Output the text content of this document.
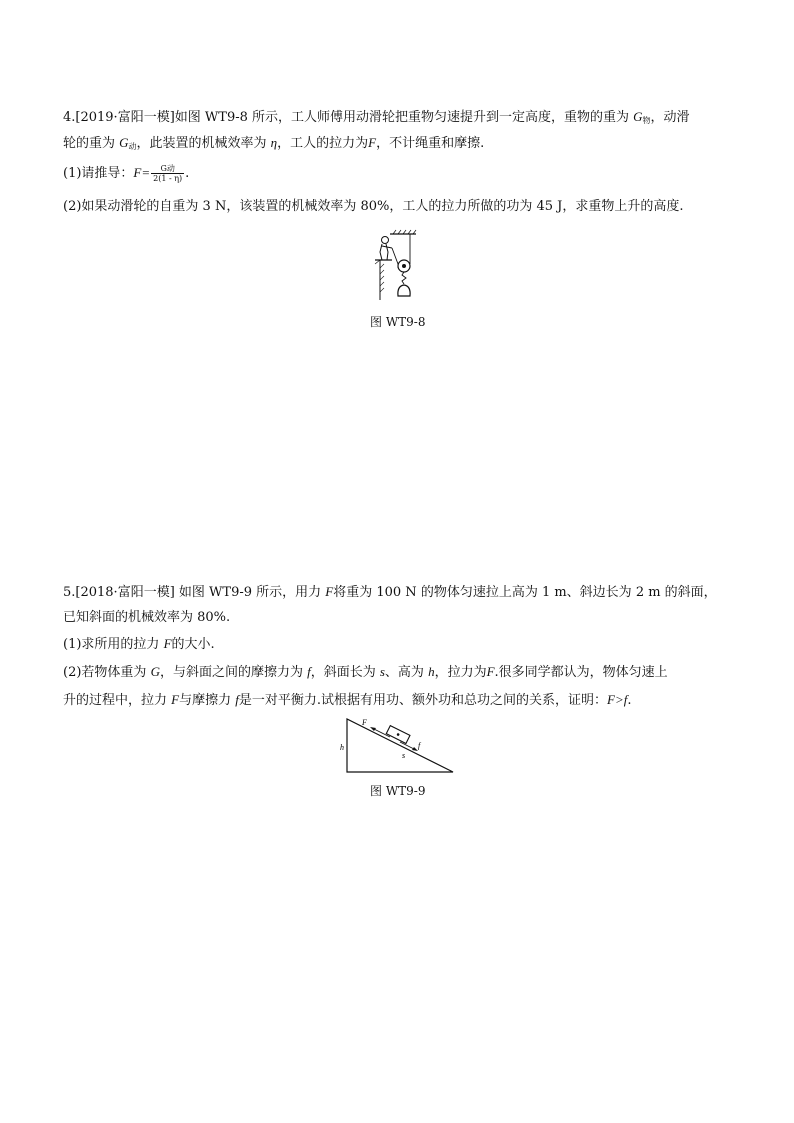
4.[2019·富阳一模]如图 WT9-8 所示，工人师傅用动滑轮把重物匀速提升到一定高度，重物的重为 $G_物$，动滑
轮的重为 $G_动$，此装置的机械效率为 η，工人的拉力为F，不计绳重和摩擦.
(1)请推导：$F= \frac{\text{G动}}{2(1 - \eta)}$ .
(2)如果动滑轮的自重为 3 N，该装置的机械效率为 80%，工人的拉力所做的功为 45 J，求重物上升的高度.
图 WT9-8
5.[2018·富阳一模] 如图 WT9-9 所示，用力 F将重为 100 N 的物体匀速拉上高为 1 m、斜边长为 2 m 的斜面，
已知斜面的机械效率为 80%.
(1)求所用的拉力 F的大小.
(2)若物体重为 G，与斜面之间的摩擦力为 f，斜面长为 s、高为 h，拉力为F.很多同学都认为，物体匀速上
升的过程中，拉力 F与摩擦力 f是一对平衡力.试根据有用功、额外功和总功之间的关系，证明：F>f.
F
f
h
s
图 WT9-9
